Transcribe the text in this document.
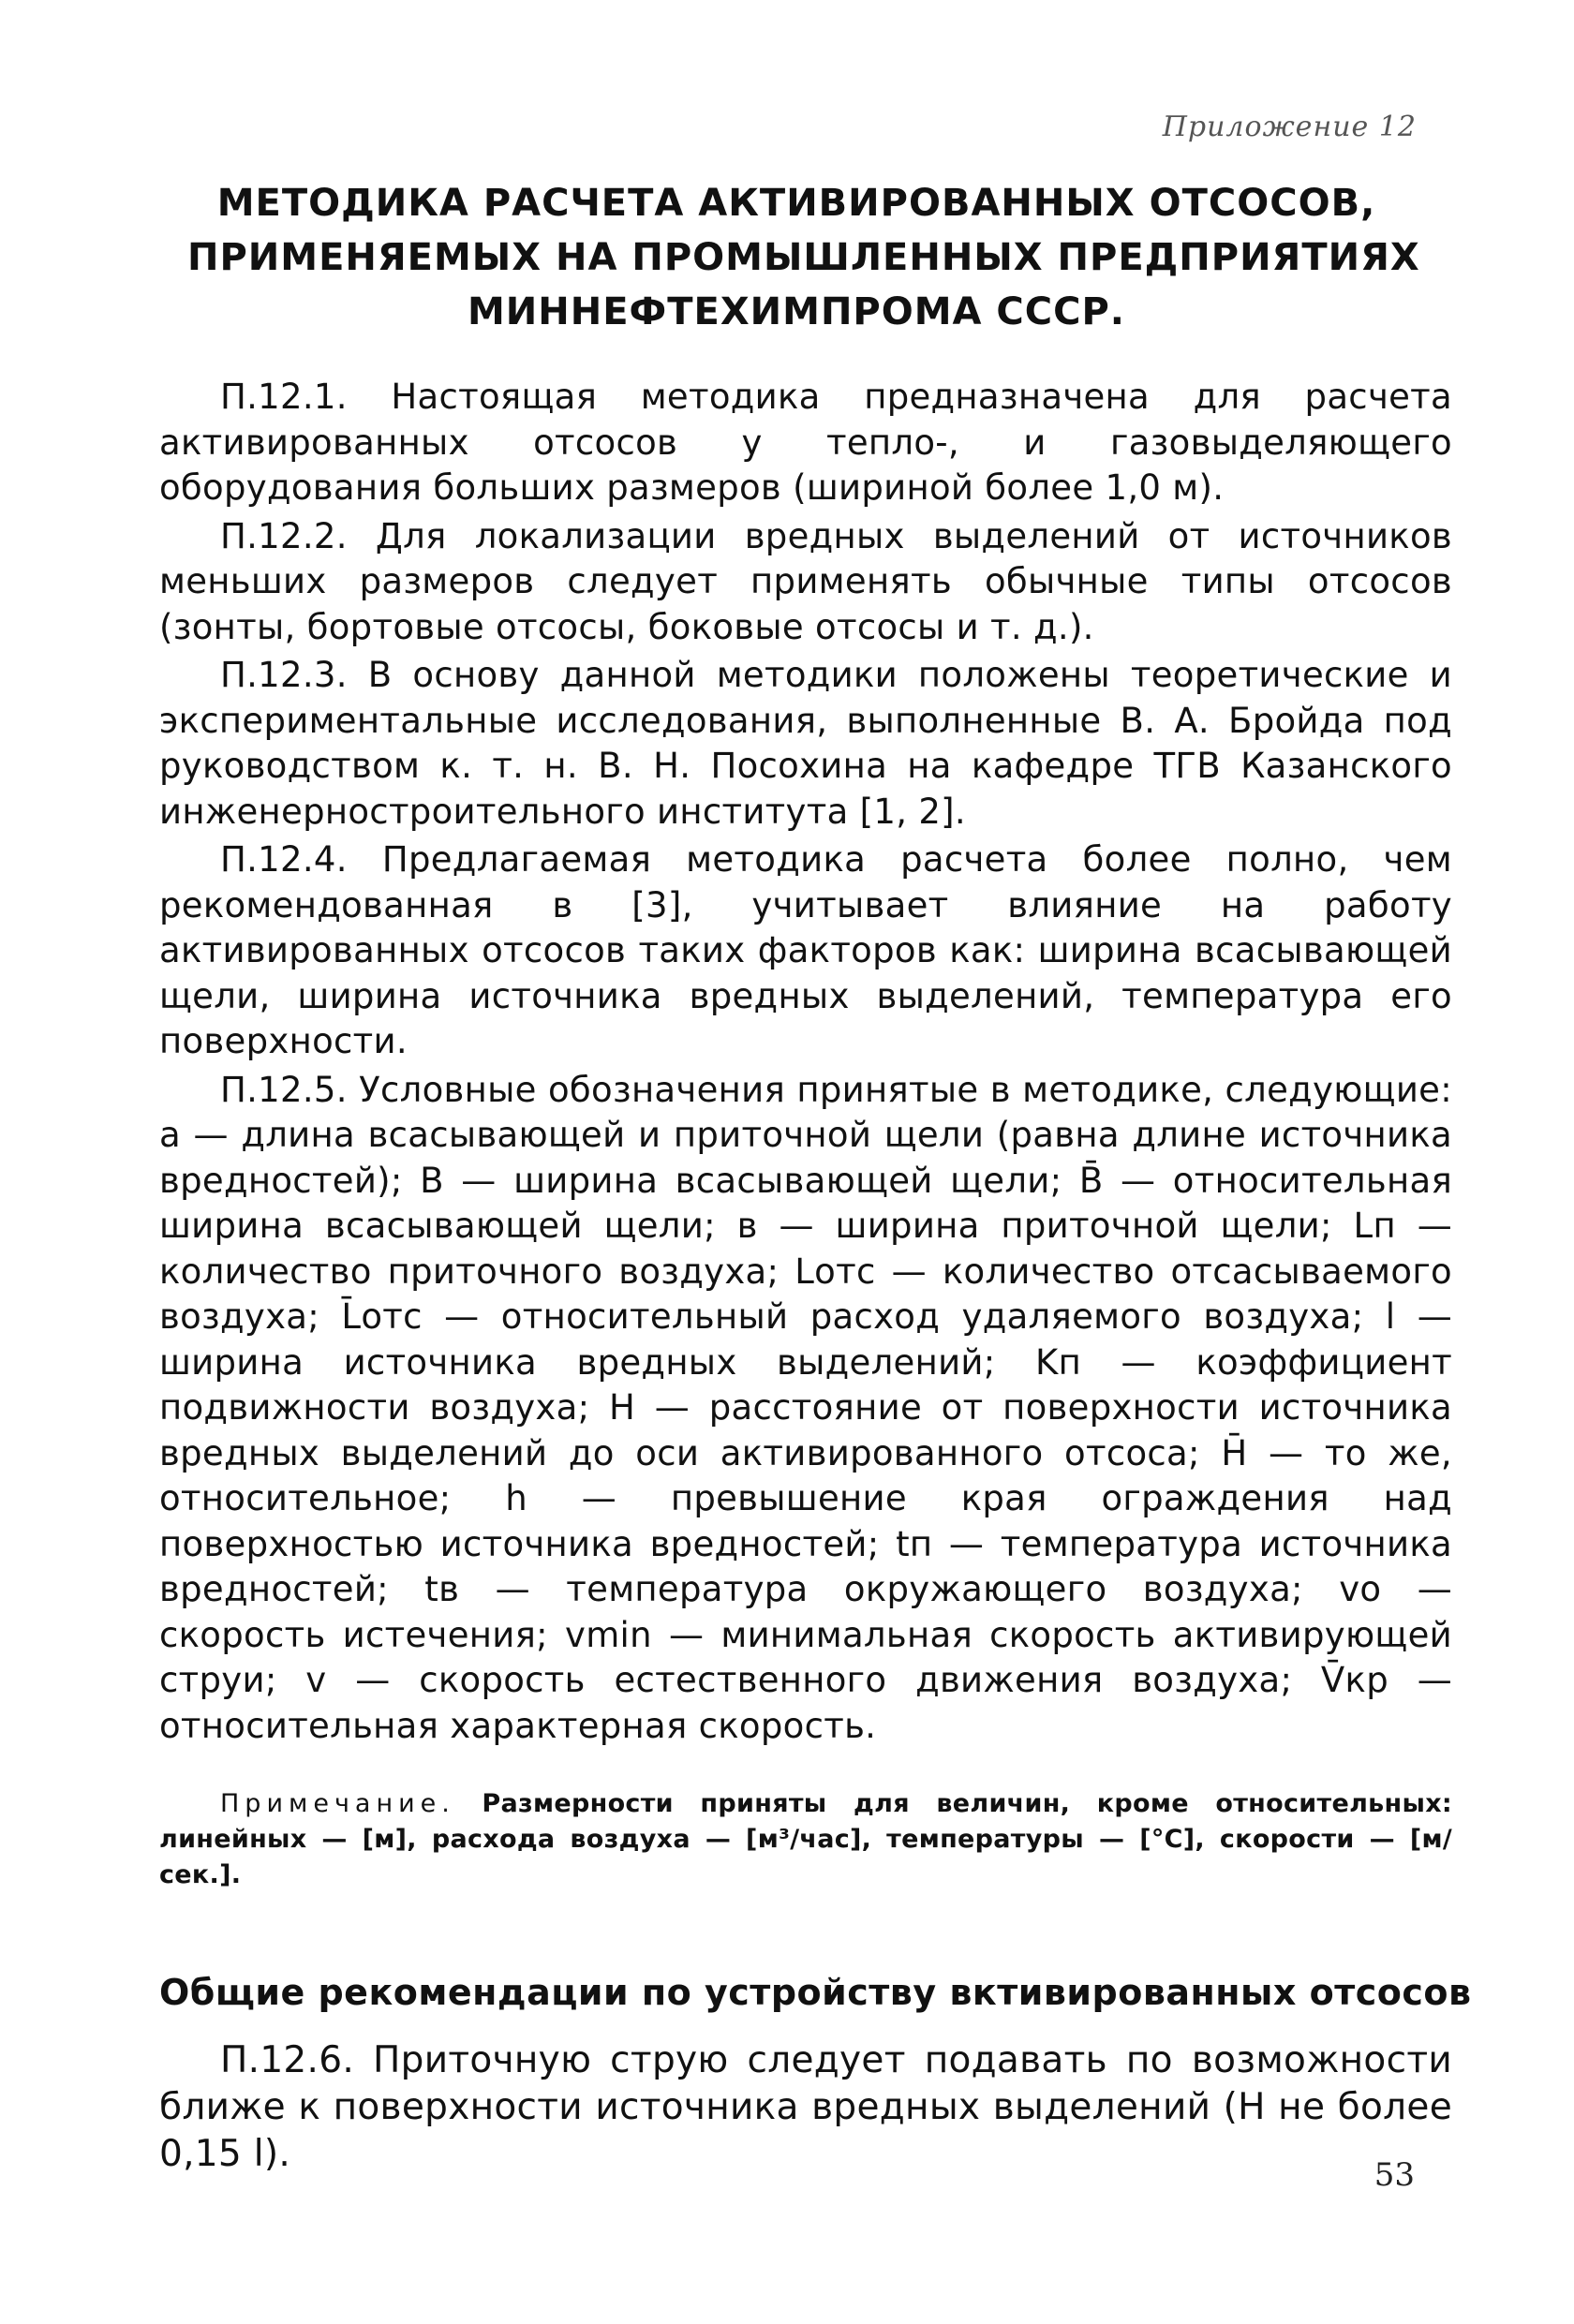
Приложение 12
МЕТОДИКА РАСЧЕТА АКТИВИРОВАННЫХ ОТСОСОВ,
ПРИМЕНЯЕМЫХ НА ПРОМЫШЛЕННЫХ ПРЕДПРИЯТИЯХ
МИННЕФТЕХИМПРОМА СССР.

П.12.1. Настоящая методика предназначена для расчета активированных отсосов у тепло-, и газовыделяющего оборудования больших размеров (шириной более 1,0 м).

П.12.2. Для локализации вредных выделений от источников меньших размеров следует применять обычные типы отсосов (зонты, бортовые отсосы, боковые отсосы и т. д.).

П.12.3. В основу данной методики положены теоретические и экспериментальные исследования, выполненные В. А. Бройда под руководством к. т. н. В. Н. Посохина на кафедре ТГВ Казанского инженерностроительного института [1, 2].

П.12.4. Предлагаемая методика расчета более полно, чем рекомендованная в [3], учитывает влияние на работу активированных отсосов таких факторов как: ширина всасывающей щели, ширина источника вредных выделений, температура его поверхности.

П.12.5. Условные обозначения принятые в методике, следующие: a — длина всасывающей и приточной щели (равна длине источника вредностей); B — ширина всасывающей щели; B̄ — относительная ширина всасывающей щели; в — ширина приточной щели; Lп — количество приточного воздуха; Lотс — количество отсасываемого воздуха; L̄отс — относительный расход удаляемого воздуха; l — ширина источника вредных выделений; Kп — коэффициент подвижности воздуха; H — расстояние от поверхности источника вредных выделений до оси активированного отсоса; H̄ — то же, относительное; h — превышение края ограждения над поверхностью источника вредностей; tп — температура источника вредностей; tв — температура окружающего воздуха; vо — скорость истечения; vmin — минимальная скорость активирующей струи; v — скорость естественного движения воздуха; V̄кр — относительная характерная скорость.

Примечание. Размерности приняты для величин, кроме относительных: линейных — [м], расхода воздуха — [м³/час], температуры — [°С], скорости — [м/сек.].

Общие рекомендации по устройству вктивированных отсосов

П.12.6. Приточную струю следует подавать по возможности ближе к поверхности источника вредных выделений (H не более 0,15 l).	53
